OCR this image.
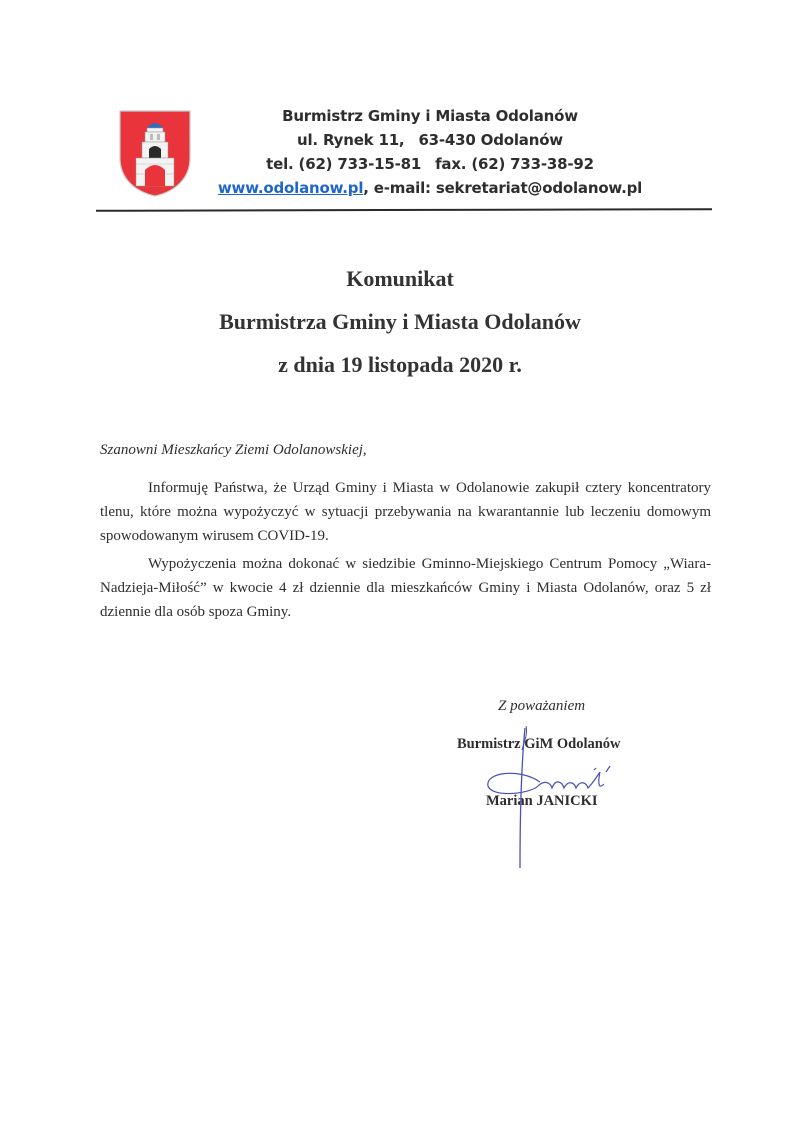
Burmistrz Gminy i Miasta Odolanów
ul. Rynek 11, 63-430 Odolanów
tel. (62) 733-15-81 fax. (62) 733-38-92
www.odolanow.pl, e-mail: sekretariat@odolanow.pl
Komunikat
Burmistrza Gminy i Miasta Odolanów
z dnia 19 listopada 2020 r.

Szanowni Mieszkańcy Ziemi Odolanowskiej,

Informuję Państwa, że Urząd Gminy i Miasta w Odolanowie zakupił cztery koncentratory tlenu, które można wypożyczyć w sytuacji przebywania na kwarantannie lub leczeniu domowym spowodowanym wirusem COVID-19.

Wypożyczenia można dokonać w siedzibie Gminno-Miejskiego Centrum Pomocy „Wiara-Nadzieja-Miłość” w kwocie 4 zł dziennie dla mieszkańców Gminy i Miasta Odolanów, oraz 5 zł dziennie dla osób spoza Gminy.

Z poważaniem
Burmistrz GiM Odolanów
Marian JANICKI
